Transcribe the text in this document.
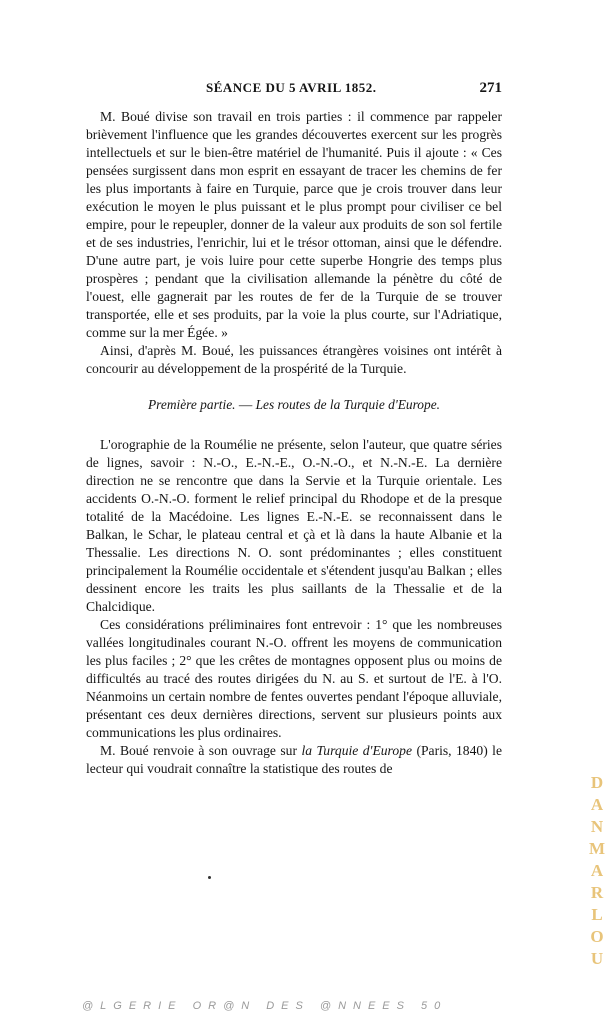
SÉANCE DU 5 AVRIL 1852.	271

M. Boué divise son travail en trois parties : il commence par rappeler brièvement l'influence que les grandes découvertes exercent sur les progrès intellectuels et sur le bien-être matériel de l'humanité. Puis il ajoute : « Ces pensées surgissent dans mon esprit en essayant de tracer les chemins de fer les plus importants à faire en Turquie, parce que je crois trouver dans leur exécution le moyen le plus puissant et le plus prompt pour civiliser ce bel empire, pour le repeupler, donner de la valeur aux produits de son sol fertile et de ses industries, l'enrichir, lui et le trésor ottoman, ainsi que le défendre. D'une autre part, je vois luire pour cette superbe Hongrie des temps plus prospères ; pendant que la civilisation allemande la pénètre du côté de l'ouest, elle gagnerait par les routes de fer de la Turquie de se trouver transportée, elle et ses produits, par la voie la plus courte, sur l'Adriatique, comme sur la mer Égée. »

Ainsi, d'après M. Boué, les puissances étrangères voisines ont intérêt à concourir au développement de la prospérité de la Turquie.

Première partie. — Les routes de la Turquie d'Europe.

L'orographie de la Roumélie ne présente, selon l'auteur, que quatre séries de lignes, savoir : N.-O., E.-N.-E., O.-N.-O., et N.-N.-E. La dernière direction ne se rencontre que dans la Servie et la Turquie orientale. Les accidents O.-N.-O. forment le relief principal du Rhodope et de la presque totalité de la Macédoine. Les lignes E.-N.-E. se reconnaissent dans le Balkan, le Schar, le plateau central et çà et là dans la haute Albanie et la Thessalie. Les directions N. O. sont prédominantes ; elles constituent principalement la Roumélie occidentale et s'étendent jusqu'au Balkan ; elles dessinent encore les traits les plus saillants de la Thessalie et de la Chalcidique.

Ces considérations préliminaires font entrevoir : 1° que les nombreuses vallées longitudinales courant N.-O. offrent les moyens de communication les plus faciles ; 2° que les crêtes de montagnes opposent plus ou moins de difficultés au tracé des routes dirigées du N. au S. et surtout de l'E. à l'O. Néanmoins un certain nombre de fentes ouvertes pendant l'époque alluviale, présentant ces deux dernières directions, servent sur plusieurs points aux communications les plus ordinaires.

M. Boué renvoie à son ouvrage sur la Turquie d'Europe (Paris, 1840) le lecteur qui voudrait connaître la statistique des routes de

D
A
N
M
A
R
L
O
U
@LGERIE OR@N DES @NNEES 50
